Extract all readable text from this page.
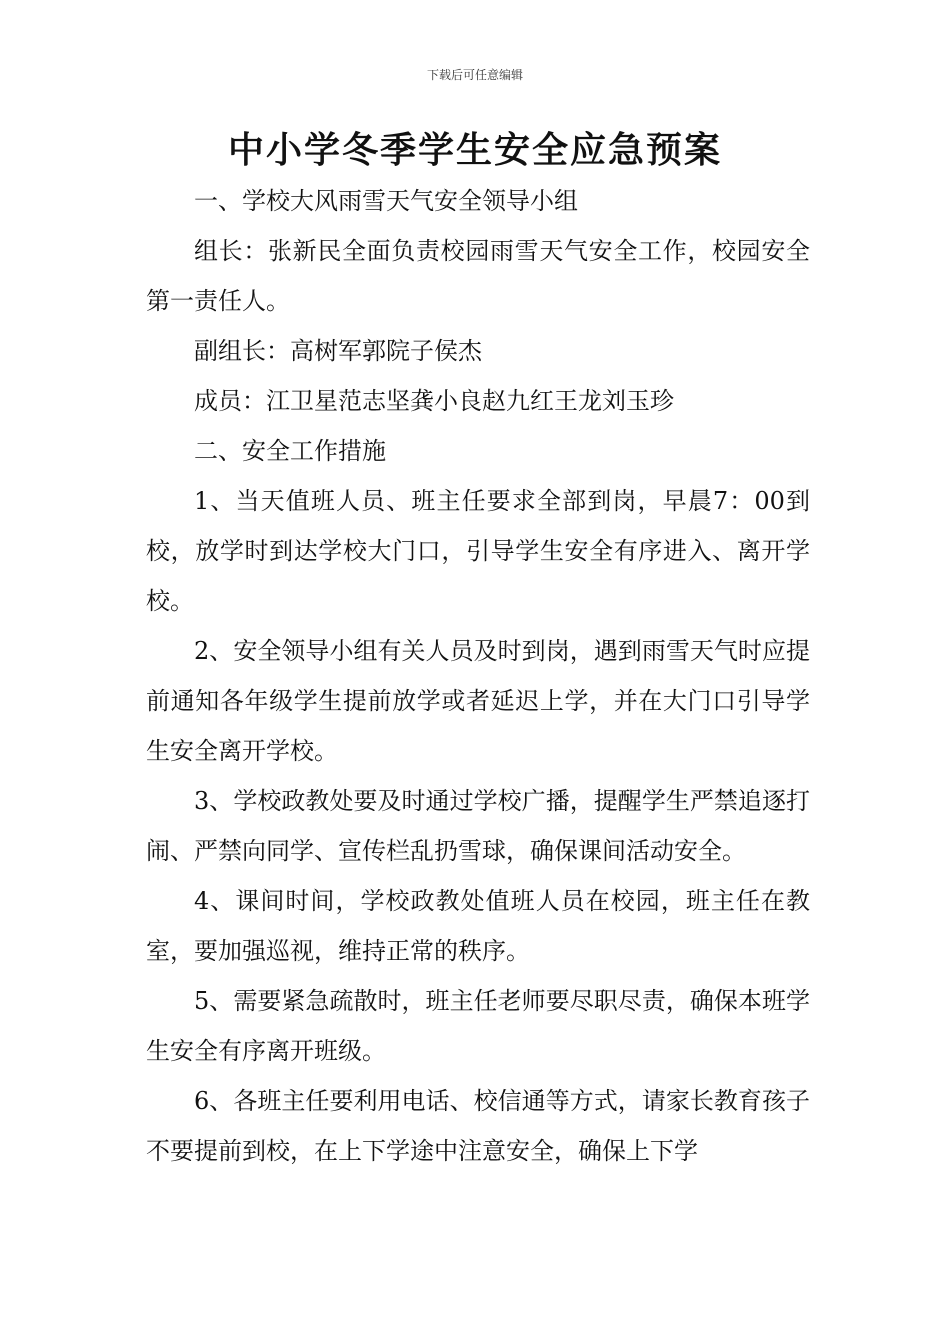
下载后可任意编辑
中小学冬季学生安全应急预案

一、学校大风雨雪天气安全领导小组

组长：张新民全面负责校园雨雪天气安全工作，校园安全第一责任人。

副组长：高树军郭院子侯杰

成员：江卫星范志坚龚小良赵九红王龙刘玉珍

二、安全工作措施

1、当天值班人员、班主任要求全部到岗，早晨7：00到校，放学时到达学校大门口，引导学生安全有序进入、离开学校。

2、安全领导小组有关人员及时到岗，遇到雨雪天气时应提前通知各年级学生提前放学或者延迟上学，并在大门口引导学生安全离开学校。

3、学校政教处要及时通过学校广播，提醒学生严禁追逐打闹、严禁向同学、宣传栏乱扔雪球，确保课间活动安全。

4、课间时间，学校政教处值班人员在校园，班主任在教室，要加强巡视，维持正常的秩序。

5、需要紧急疏散时，班主任老师要尽职尽责，确保本班学生安全有序离开班级。

6、各班主任要利用电话、校信通等方式，请家长教育孩子不要提前到校，在上下学途中注意安全，确保上下学
